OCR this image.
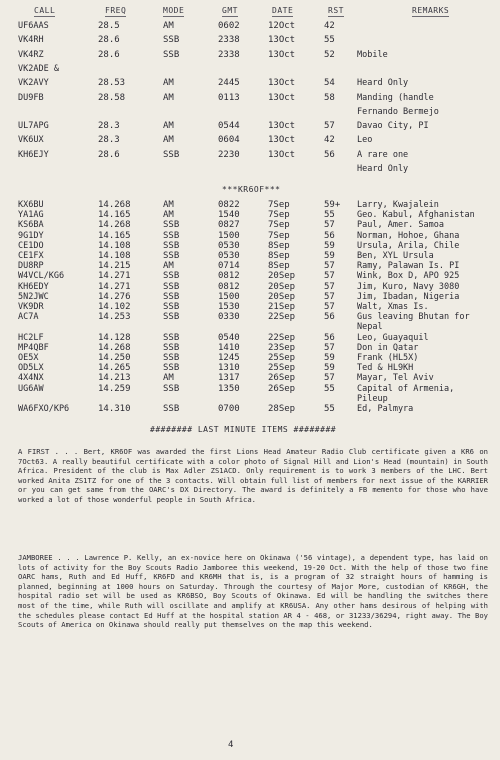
CALL	FREQ	MODE	GMT	DATE	RST	REMARKS
UF6AAS	28.5	AM	0602	12Oct	42
VK4RH	28.6	SSB	2338	13Oct	55
VK4RZ	28.6	SSB	2338	13Oct	52	Mobile
VK2ADE &
VK2AVY	28.53	AM	2445	13Oct	54	Heard Only
DU9FB	28.58	AM	0113	13Oct	58	Manding (handle
Fernando Bermejo
UL7APG	28.3	AM	0544	13Oct	57	Davao City, PI
VK6UX	28.3	AM	0604	13Oct	42	Leo
KH6EJY	28.6	SSB	2230	13Oct	56	A rare one
Heard Only
***KR6OF***
KX6BU	14.268	AM	0822	7Sep	59+ Larry, Kwajalein
YA1AG	14.165	AM	1540	7Sep	55	Geo. Kabul, Afghanistan
KS6BA	14.268	SSB	0827	7Sep	57	Paul, Amer. Samoa
9G1DY	14.165	SSB	1500	7Sep	56	Norman, Hohoe, Ghana
CE1DO	14.108	SSB	0530	8Sep	59	Ursula, Arila, Chile
CE1FX	14.108	SSB	0530	8Sep	59	Ben, XYL Ursula
DU8RP	14.215	AM	0714	8Sep	57	Ramy, Palawan Is. PI
W4VCL/KG6	14.271	SSB	0812	20Sep	57	Wink, Box D, APO 925
KH6EDY	14.271	SSB	0812	20Sep	57	Jim, Kuro, Navy 3080
5N2JWC	14.276	SSB	1500	20Sep	57	Jim, Ibadan, Nigeria
VK9DR	14.102	SSB	1530	21Sep	57	Walt, Xmas Is.
AC7A	14.253	SSB	0330	22Sep	56	Gus leaving Bhutan for
Nepal
HC2LF	14.128	SSB	0540	22Sep	56	Leo, Guayaquil
MP4QBF	14.268	SSB	1410	23Sep	57	Don in Qatar
OE5X	14.250	SSB	1245	25Sep	59	Frank (HL5X)
OD5LX	14.265	SSB	1310	25Sep	59	Ted & HL9KH
4X4NX	14.213	AM	1317	26Sep	57	Mayar, Tel Aviv
UG6AW	14.259	SSB	1350	26Sep	55	Capital of Armenia,
Pileup
WA6FXO/KP6	14.310	SSB	0700	28Sep	55	Ed, Palmyra
######## LAST MINUTE ITEMS ########
A FIRST . . . Bert, KR6OF was awarded the first Lions Head Amateur Radio Club certificate given a KR6 on 7Oct63. A really beautiful certificate with a color photo of Signal Hill and Lion's Head (mountain) in South Africa. President of the club is Max Adler ZS1ACD. Only requirement is to work 3 members of the LHC. Bert worked Anita ZS1TZ for one of the 3 contacts. Will obtain full list of members for next issue of the KARRIER or you can get same from the OARC's DX Directory. The award is definitely a FB memento for those who have worked a lot of those wonderful people in South Africa.
JAMBOREE . . . Lawrence P. Kelly, an ex-novice here on Okinawa ('56 vintage), a dependent type, has laid on lots of activity for the Boy Scouts Radio Jamboree this weekend, 19-20 Oct. With the help of those two fine OARC hams, Ruth and Ed Huff, KR6FD and KR6MH that is, is a program of 32 straight hours of hamming is planned, beginning at 1000 hours on Saturday. Through the courtesy of Major More, custodian of KR6GH, the hospital radio set will be used as KR6BSO, Boy Scouts of Okinawa. Ed will be handling the switches there most of the time, while Ruth will oscillate and amplify at KR6USA. Any other hams desirous of helping with the schedules please contact Ed Huff at the hospital station AR 4 - 468, or 31233/36294, right away. The Boy Scouts of America on Okinawa should really put themselves on the map this weekend.
4
